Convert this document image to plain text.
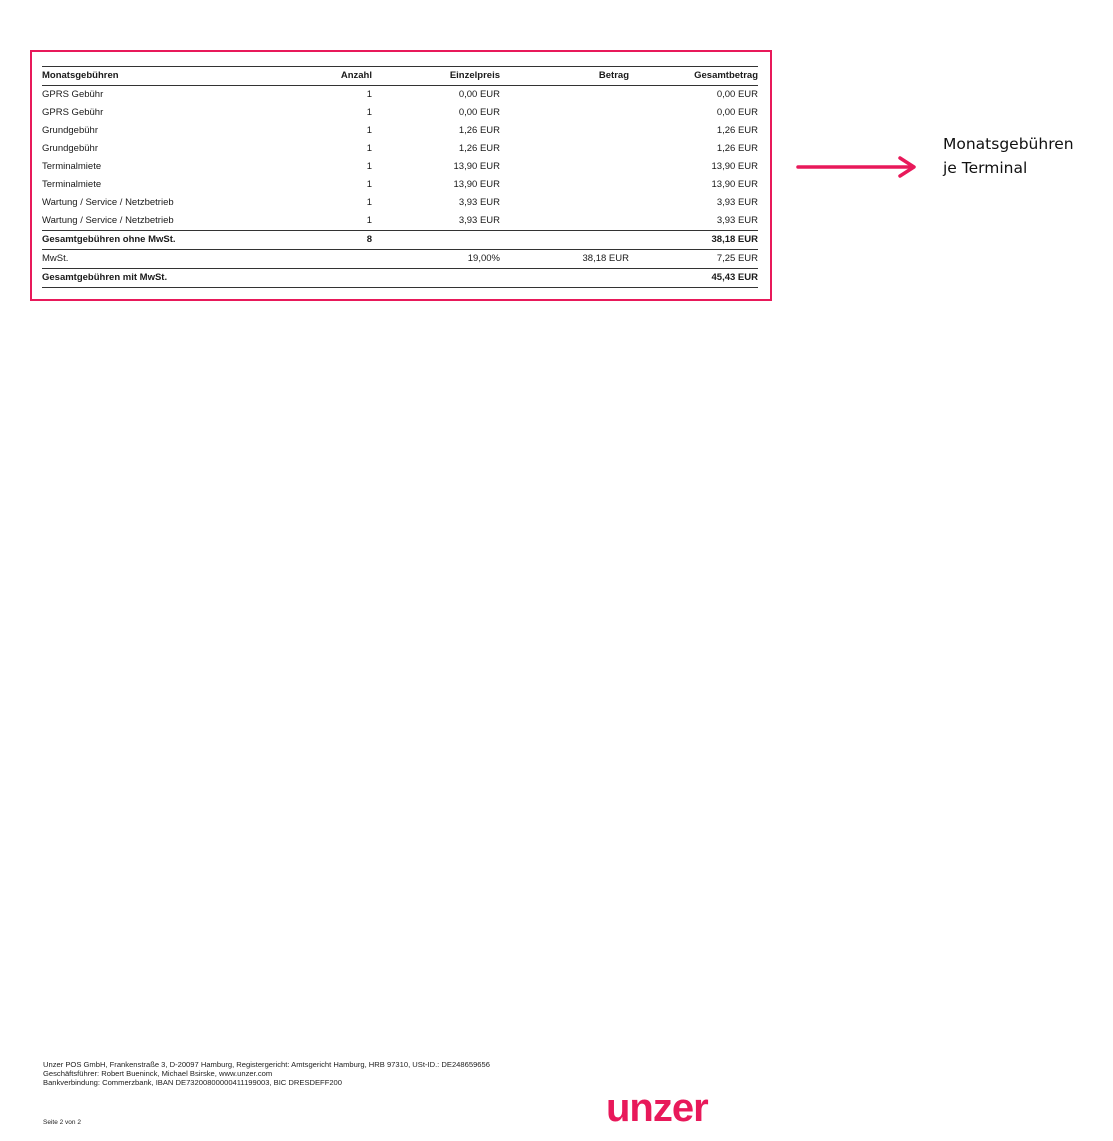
Monatsgebühren	Anzahl	Einzelpreis	Betrag	Gesamtbetrag
GPRS Gebühr	1	0,00 EUR		0,00 EUR
GPRS Gebühr	1	0,00 EUR		0,00 EUR
Grundgebühr	1	1,26 EUR		1,26 EUR
Grundgebühr	1	1,26 EUR		1,26 EUR
Terminalmiete	1	13,90 EUR		13,90 EUR
Terminalmiete	1	13,90 EUR		13,90 EUR
Wartung / Service / Netzbetrieb	1	3,93 EUR		3,93 EUR
Wartung / Service / Netzbetrieb	1	3,93 EUR		3,93 EUR
Gesamtgebühren ohne MwSt.	8			38,18 EUR
MwSt.		19,00%	38,18 EUR	7,25 EUR
Gesamtgebühren mit MwSt.				45,43 EUR
Monatsgebühren
je Terminal
Unzer POS GmbH, Frankenstraße 3, D-20097 Hamburg, Registergericht: Amtsgericht Hamburg, HRB 97310, USt-ID.: DE248659656
Geschäftsführer: Robert Bueninck, Michael Bsirske, www.unzer.com
Bankverbindung: Commerzbank, IBAN DE73200800000411199003, BIC DRESDEFF200
Seite 2 von 2	unzer
